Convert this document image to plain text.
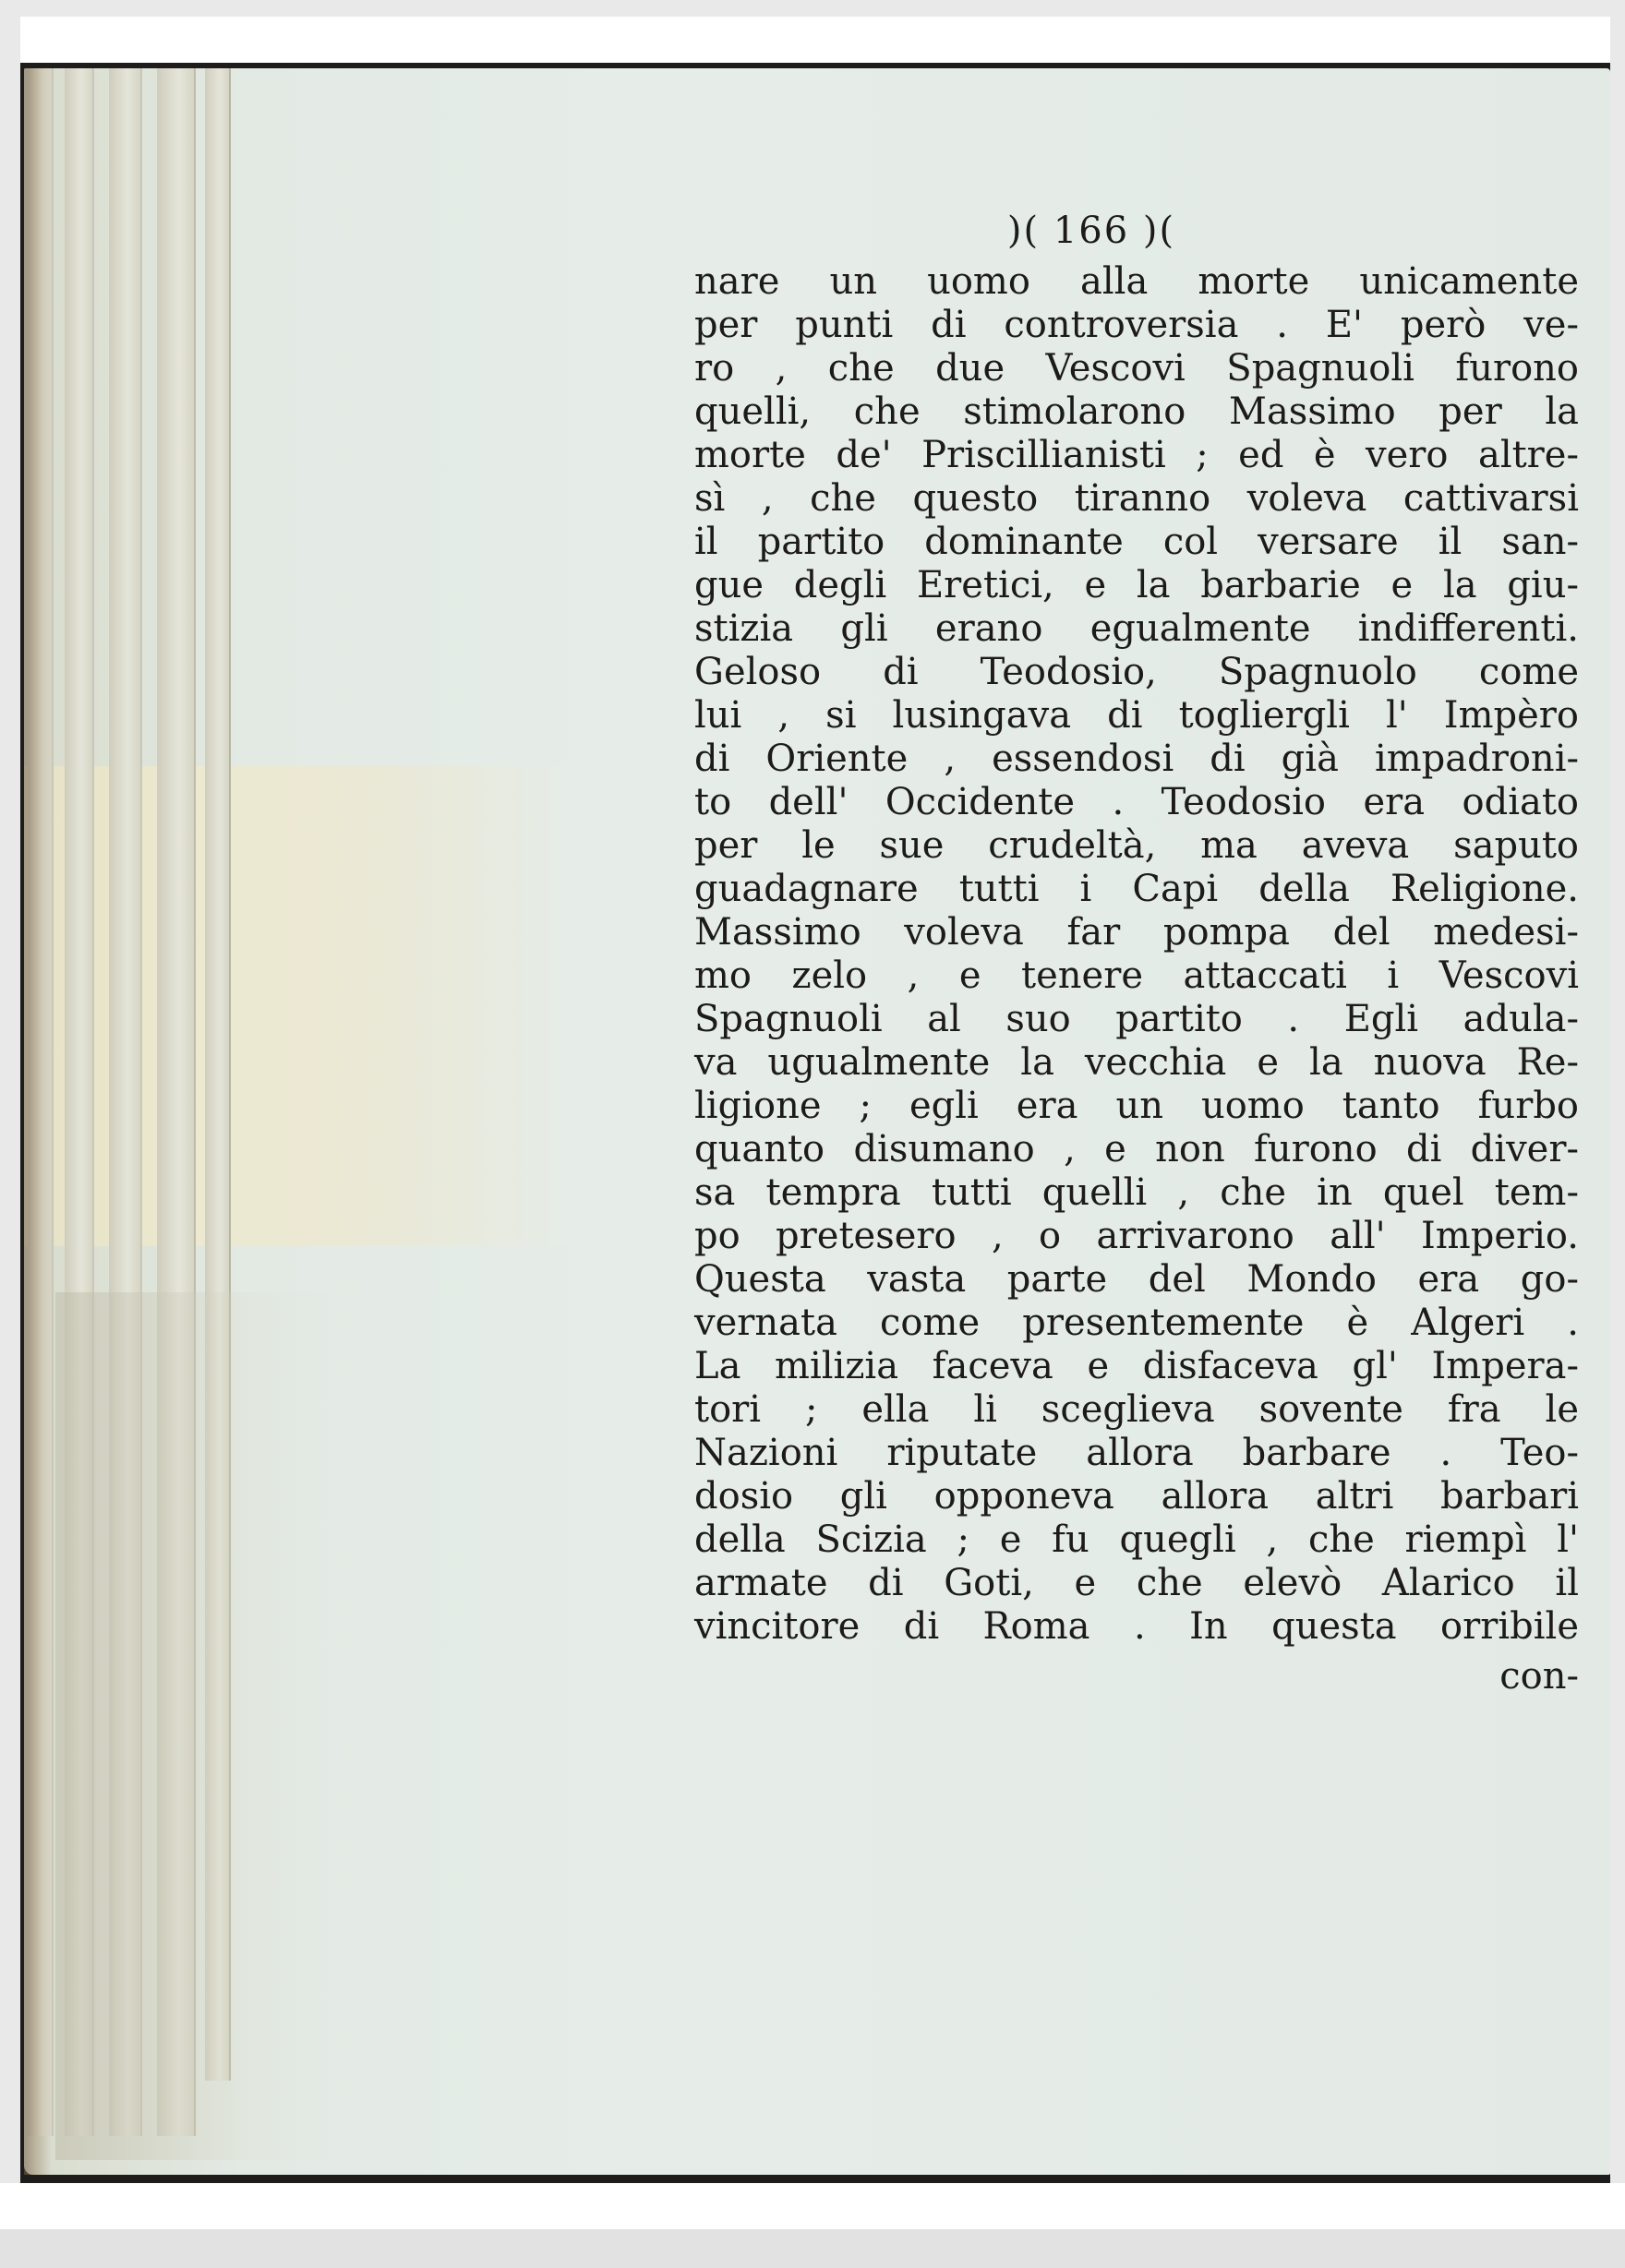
)( 166 )(
nare un uomo alla morte unicamente
per punti di controversia . E' però ve-
ro , che due Vescovi Spagnuoli furono
quelli, che stimolarono Massimo per la
morte de' Priscillianisti ; ed è vero altre-
sì , che questo tiranno voleva cattivarsi
il partito dominante col versare il san-
gue degli Eretici, e la barbarie e la giu-
stizia gli erano egualmente indifferenti.
Geloso di Teodosio, Spagnuolo come
lui , si lusingava di togliergli l' Impèro
di Oriente , essendosi di già impadroni-
to dell' Occidente . Teodosio era odiato
per le sue crudeltà, ma aveva saputo
guadagnare tutti i Capi della Religione.
Massimo voleva far pompa del medesi-
mo zelo , e tenere attaccati i Vescovi
Spagnuoli al suo partito . Egli adula-
va ugualmente la vecchia e la nuova Re-
ligione ; egli era un uomo tanto furbo
quanto disumano , e non furono di diver-
sa tempra tutti quelli , che in quel tem-
po pretesero , o arrivarono all' Imperio.
Questa vasta parte del Mondo era go-
vernata come presentemente è Algeri .
La milizia faceva e disfaceva gl' Impera-
tori ; ella li sceglieva sovente fra le
Nazioni riputate allora barbare . Teo-
dosio gli opponeva allora altri barbari
della Scizia ; e fu quegli , che riempì l'
armate di Goti, e che elevò Alarico il
vincitore di Roma . In questa orribile
con-
